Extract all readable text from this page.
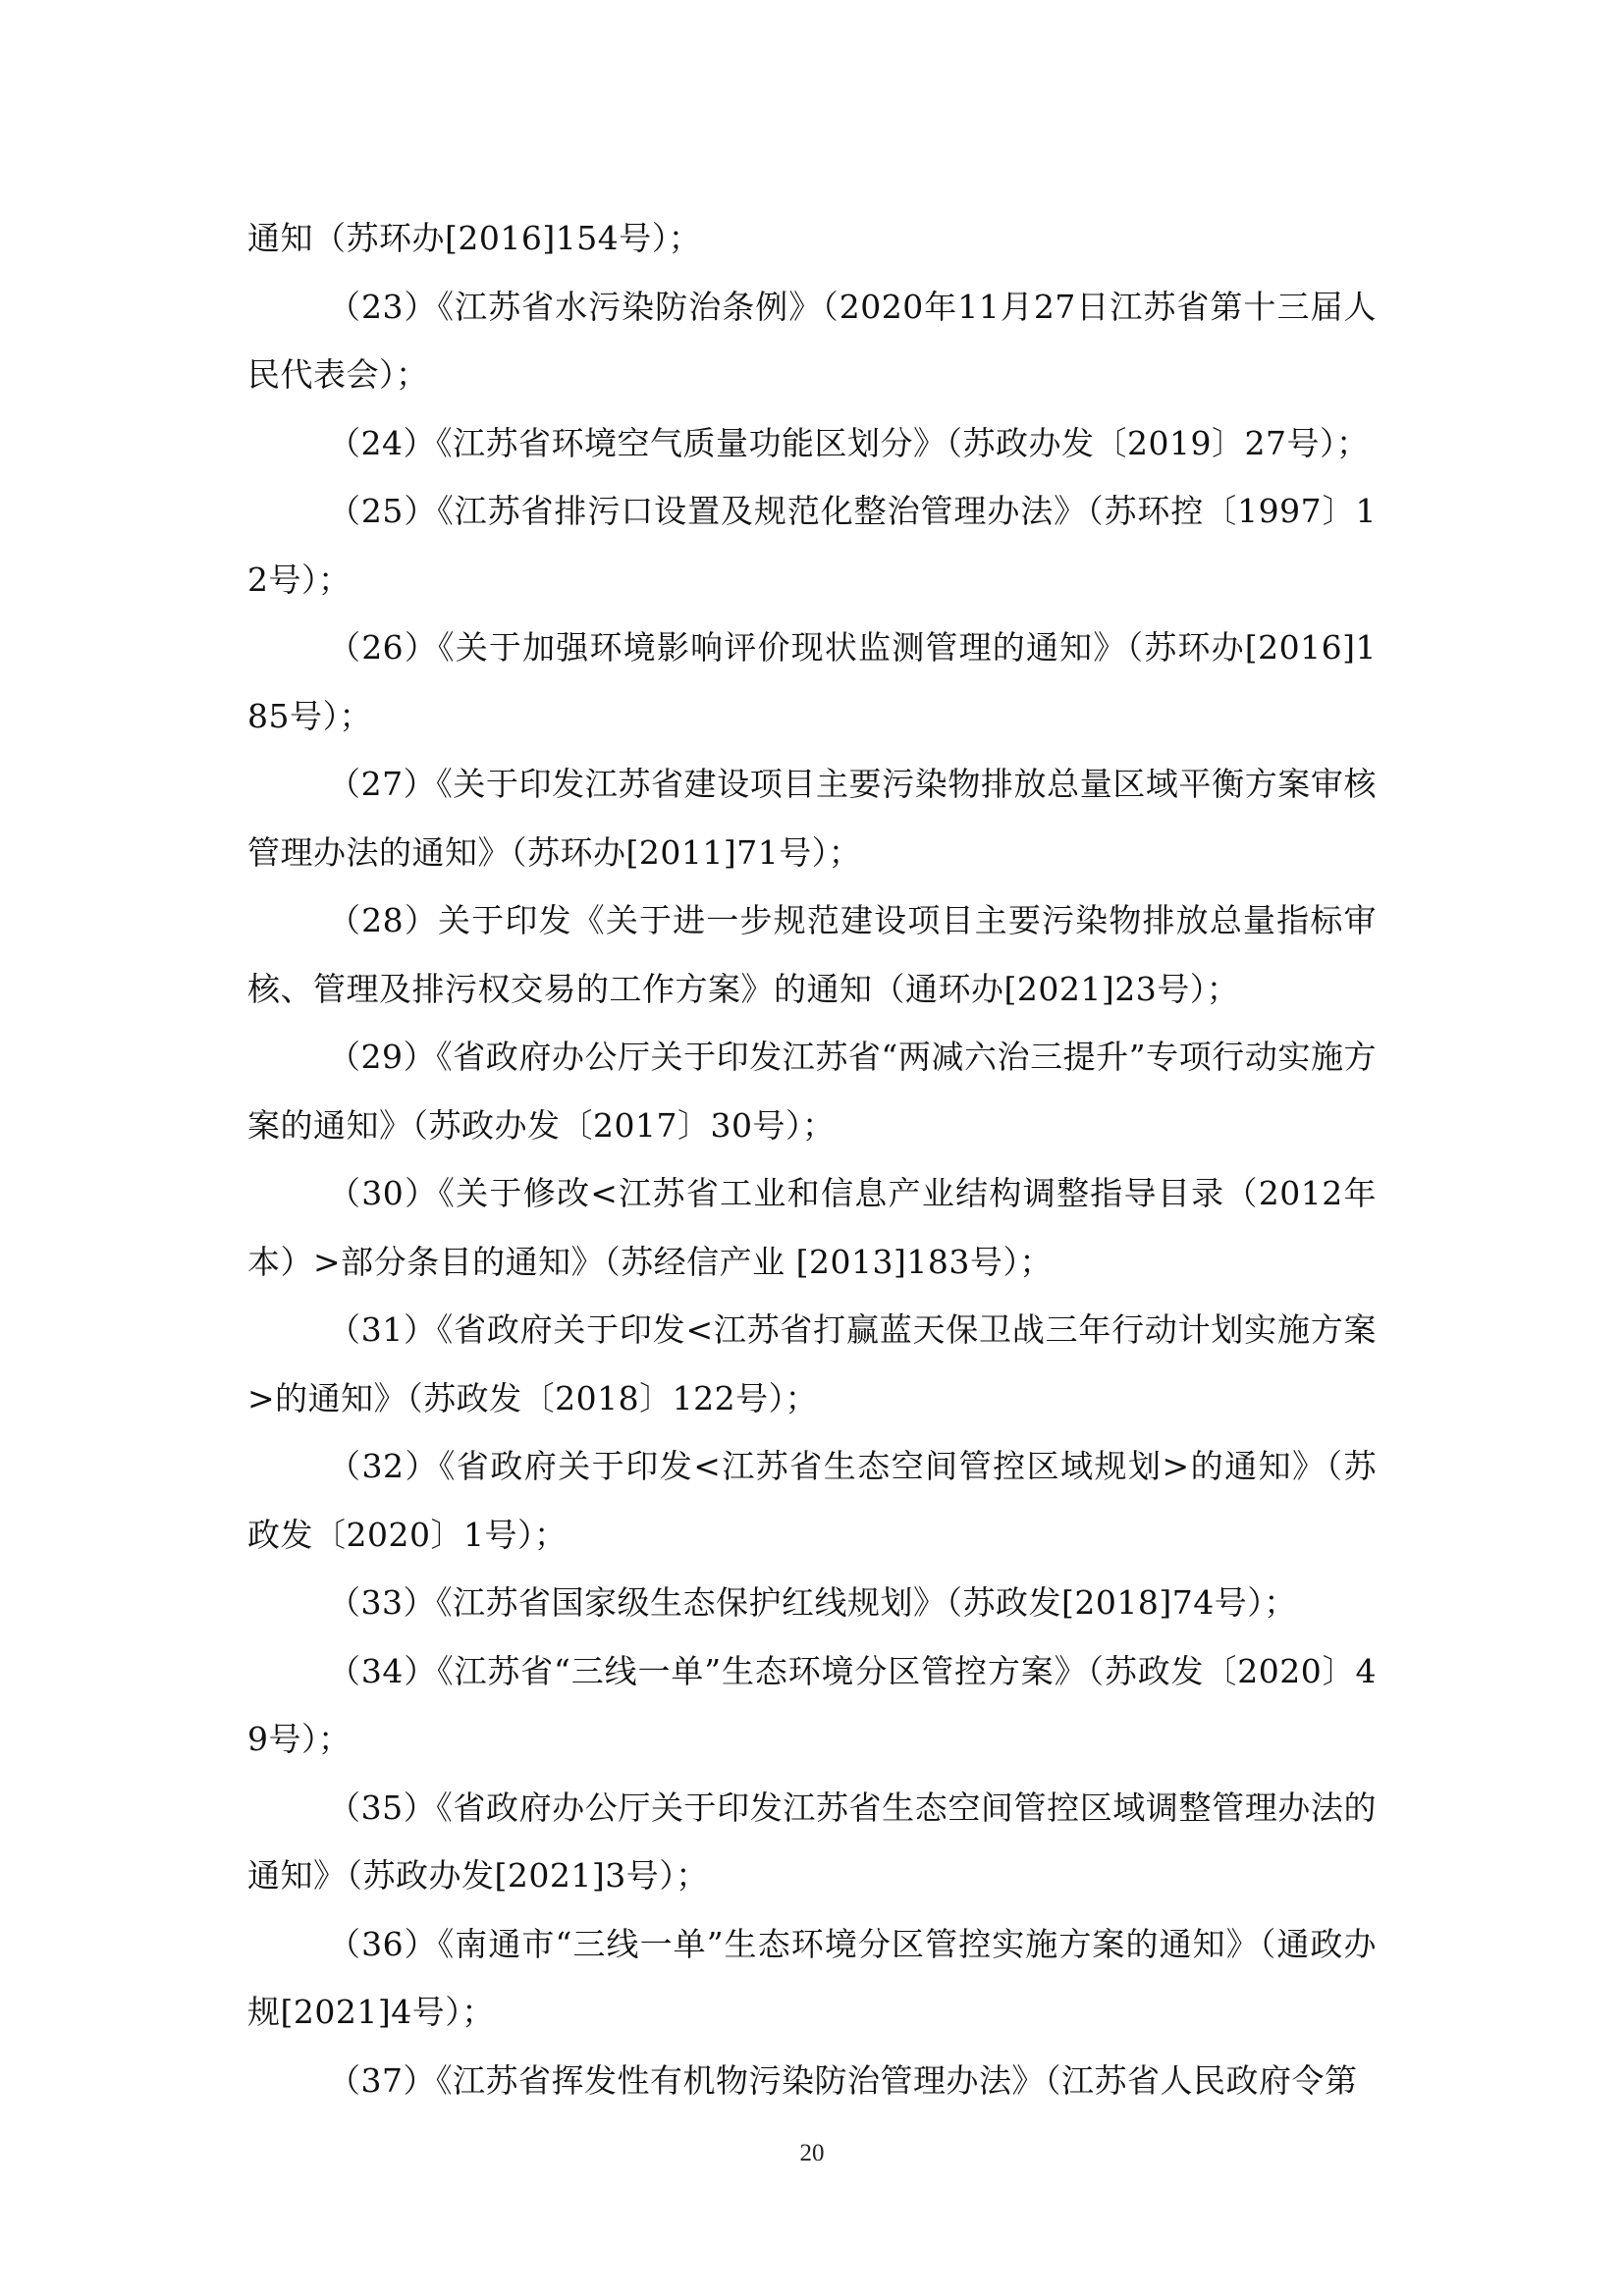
通知（苏环办[2016]154号）；

（23）《江苏省水污染防治条例》（2020年11月27日江苏省第十三届人民代表会）；

（24）《江苏省环境空气质量功能区划分》（苏政办发〔2019〕27号）；

（25）《江苏省排污口设置及规范化整治管理办法》（苏环控〔1997〕12号）；

（26）《关于加强环境影响评价现状监测管理的通知》（苏环办[2016]185号）；

（27）《关于印发江苏省建设项目主要污染物排放总量区域平衡方案审核管理办法的通知》（苏环办[2011]71号）；

（28）关于印发《关于进一步规范建设项目主要污染物排放总量指标审核、管理及排污权交易的工作方案》的通知（通环办[2021]23号）；

（29）《省政府办公厅关于印发江苏省“两减六治三提升”专项行动实施方案的通知》（苏政办发〔2017〕30号）；

（30）《关于修改<江苏省工业和信息产业结构调整指导目录（2012年本）>部分条目的通知》（苏经信产业 [2013]183号）；

（31）《省政府关于印发<江苏省打赢蓝天保卫战三年行动计划实施方案>的通知》（苏政发〔2018〕122号）；

（32）《省政府关于印发<江苏省生态空间管控区域规划>的通知》（苏政发〔2020〕1号）；

（33）《江苏省国家级生态保护红线规划》（苏政发[2018]74号）；

（34）《江苏省“三线一单”生态环境分区管控方案》（苏政发〔2020〕49号）；

（35）《省政府办公厅关于印发江苏省生态空间管控区域调整管理办法的通知》（苏政办发[2021]3号）；

（36）《南通市“三线一单”生态环境分区管控实施方案的通知》（通政办规[2021]4号）；

（37）《江苏省挥发性有机物污染防治管理办法》（江苏省人民政府令第

20
